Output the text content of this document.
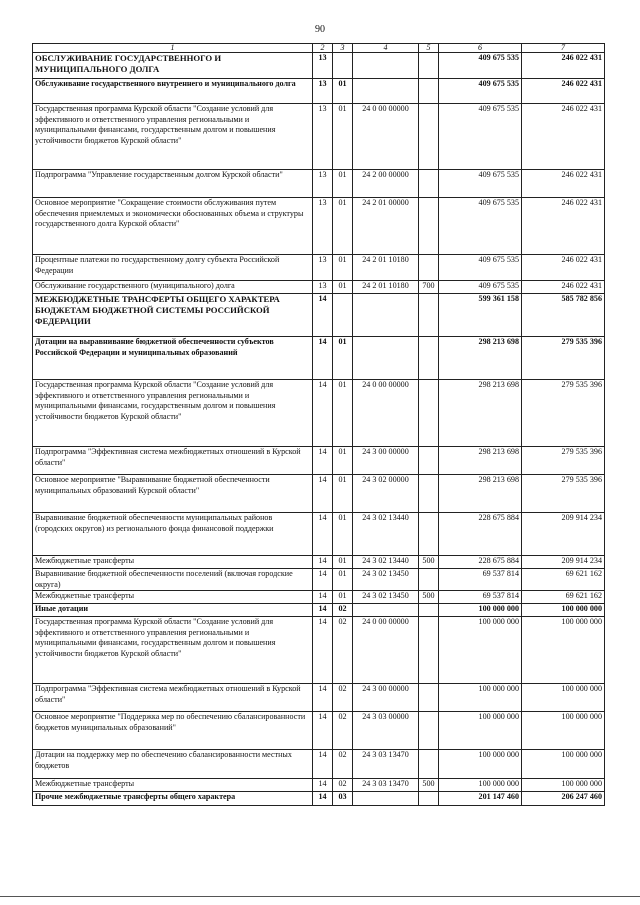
90
1	2	3	4	5	6	7
ОБСЛУЖИВАНИЕ ГОСУДАРСТВЕННОГО И МУНИЦИПАЛЬНОГО ДОЛГА	13				409 675 535	246 022 431
Обслуживание государственного внутреннего и муниципального долга	13	01			409 675 535	246 022 431
Государственная программа Курской области "Создание условий для эффективного и ответственного управления региональными и муниципальными финансами, государственным долгом и повышения устойчивости бюджетов Курской области"	13	01	24 0 00 00000		409 675 535	246 022 431
Подпрограмма "Управление государственным долгом Курской области"	13	01	24 2 00 00000		409 675 535	246 022 431
Основное мероприятие "Сокращение стоимости обслуживания путем обеспечения приемлемых и экономически обоснованных объема и структуры государственного долга Курской области"	13	01	24 2 01 00000		409 675 535	246 022 431
Процентные платежи по государственному долгу субъекта Российской Федерации	13	01	24 2 01 10180		409 675 535	246 022 431
Обслуживание государственного (муниципального) долга	13	01	24 2 01 10180	700	409 675 535	246 022 431
МЕЖБЮДЖЕТНЫЕ ТРАНСФЕРТЫ ОБЩЕГО ХАРАКТЕРА БЮДЖЕТАМ БЮДЖЕТНОЙ СИСТЕМЫ РОССИЙСКОЙ ФЕДЕРАЦИИ	14				599 361 158	585 782 856
Дотации на выравнивание бюджетной обеспеченности субъектов Российской Федерации и муниципальных образований	14	01			298 213 698	279 535 396
Государственная программа Курской области "Создание условий для эффективного и ответственного управления региональными и муниципальными финансами, государственным долгом и повышения устойчивости бюджетов Курской области"	14	01	24 0 00 00000		298 213 698	279 535 396
Подпрограмма "Эффективная система межбюджетных отношений в Курской области"	14	01	24 3 00 00000		298 213 698	279 535 396
Основное мероприятие "Выравнивание бюджетной обеспеченности муниципальных образований Курской области"	14	01	24 3 02 00000		298 213 698	279 535 396
Выравнивание бюджетной обеспеченности муниципальных районов (городских округов) из регионального фонда финансовой поддержки	14	01	24 3 02 13440		228 675 884	209 914 234
Межбюджетные трансферты	14	01	24 3 02 13440	500	228 675 884	209 914 234
Выравнивание бюджетной обеспеченности поселений (включая городские округа)	14	01	24 3 02 13450		69 537 814	69 621 162
Межбюджетные трансферты	14	01	24 3 02 13450	500	69 537 814	69 621 162
Иные дотации	14	02			100 000 000	100 000 000
Государственная программа Курской области "Создание условий для эффективного и ответственного управления региональными и муниципальными финансами, государственным долгом и повышения устойчивости бюджетов Курской области"	14	02	24 0 00 00000		100 000 000	100 000 000
Подпрограмма "Эффективная система межбюджетных отношений в Курской области"	14	02	24 3 00 00000		100 000 000	100 000 000
Основное мероприятие "Поддержка мер по обеспечению сбалансированности бюджетов муниципальных образований"	14	02	24 3 03 00000		100 000 000	100 000 000
Дотации на поддержку мер по обеспечению сбалансированности местных бюджетов	14	02	24 3 03 13470		100 000 000	100 000 000
Межбюджетные трансферты	14	02	24 3 03 13470	500	100 000 000	100 000 000
Прочие межбюджетные трансферты общего характера	14	03			201 147 460	206 247 460
